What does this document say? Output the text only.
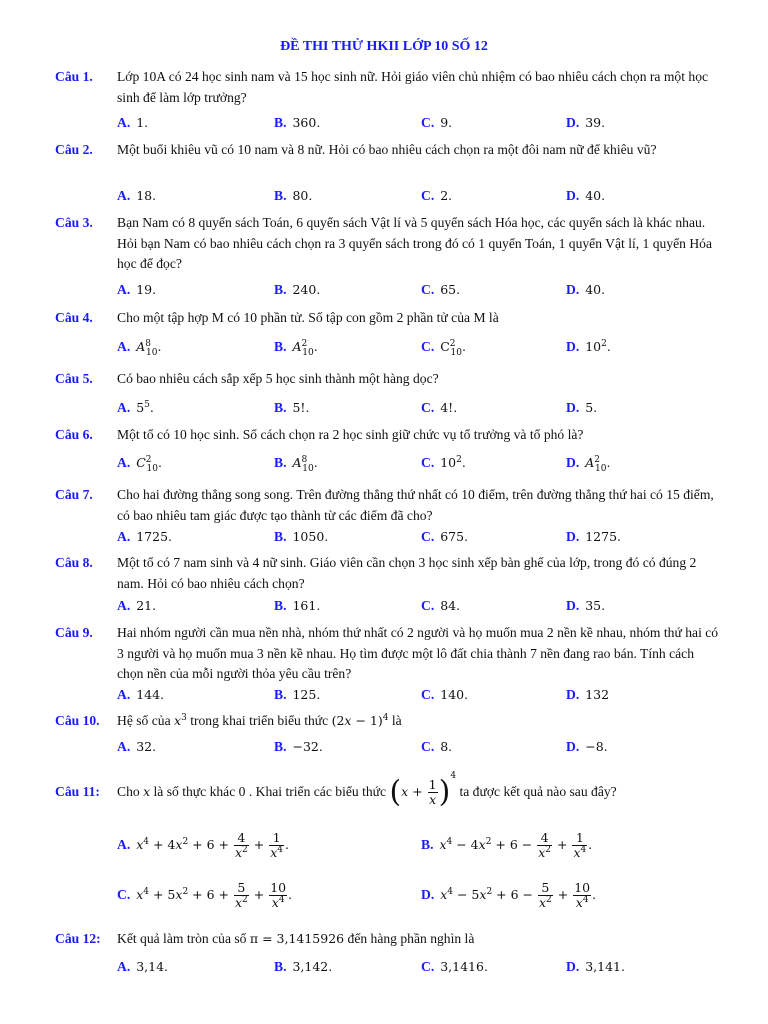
ĐỀ THI THỬ HKII LỚP 10 SỐ 12
Câu 1. Lớp 10A có 24 học sinh nam và 15 học sinh nữ. Hỏi giáo viên chủ nhiệm có bao nhiêu cách chọn ra một học sinh để làm lớp trưởng?
A. 1.	B. 360.	C. 9.	D. 39.
Câu 2. Một buổi khiêu vũ có 10 nam và 8 nữ. Hỏi có bao nhiêu cách chọn ra một đôi nam nữ để khiêu vũ?
A. 18.	B. 80.	C. 2.	D. 40.
Câu 3. Bạn Nam có 8 quyển sách Toán, 6 quyển sách Vật lí và 5 quyển sách Hóa học, các quyển sách là khác nhau. Hỏi bạn Nam có bao nhiêu cách chọn ra 3 quyển sách trong đó có 1 quyển Toán, 1 quyển Vật lí, 1 quyển Hóa học để đọc?
A. 19.	B. 240.	C. 65.	D. 40.
Câu 4. Cho một tập hợp M có 10 phần tử. Số tập con gồm 2 phần tử của M là
A. $A^8_{10}$.	B. $A^2_{10}$.	C. $C^2_{10}$.	D. $10^2$.
Câu 5. Có bao nhiêu cách sắp xếp 5 học sinh thành một hàng dọc?
A. $5^5$.	B. 5!.	C. 4!.	D. 5.
Câu 6. Một tổ có 10 học sinh. Số cách chọn ra 2 học sinh giữ chức vụ tổ trưởng và tổ phó là?
A. $C^2_{10}$.	B. $A^8_{10}$.	C. $10^2$.	D. $A^2_{10}$.
Câu 7. Cho hai đường thẳng song song. Trên đường thẳng thứ nhất có 10 điểm, trên đường thẳng thứ hai có 15 điểm, có bao nhiêu tam giác được tạo thành từ các điểm đã cho?
A. 1725.	B. 1050.	C. 675.	D. 1275.
Câu 8. Một tổ có 7 nam sinh và 4 nữ sinh. Giáo viên cần chọn 3 học sinh xếp bàn ghế của lớp, trong đó có đúng 2 nam. Hỏi có bao nhiêu cách chọn?
A. 21.	B. 161.	C. 84.	D. 35.
Câu 9. Hai nhóm người cần mua nền nhà, nhóm thứ nhất có 2 người và họ muốn mua 2 nền kề nhau, nhóm thứ hai có 3 người và họ muốn mua 3 nền kề nhau. Họ tìm được một lô đất chia thành 7 nền đang rao bán. Tính cách chọn nền của mỗi người thỏa yêu cầu trên?
A. 144.	B. 125.	C. 140.	D. 132
Câu 10. Hệ số của $x^3$ trong khai triển biểu thức $(2x - 1)^4$ là
A. 32.	B. −32.	C. 8.	D. −8.
Câu 11: Cho x là số thực khác 0 . Khai triển các biểu thức $(x + \frac{1}{x} )^4$ ta được kết quả nào sau đây?
A. $x^4 + 4x^2 + 6 + \frac{4}{x^2} + \frac{1}{x^4}$ .	B. $x^4 - 4x^2 + 6 - \frac{4}{x^2} + \frac{1}{x^4}$ .
C. $x^4 + 5x^2 + 6 + \frac{5}{x^2} + \frac{10}{x^4}$ .	D. $x^4 - 5x^2 + 6 - \frac{5}{x^2} + \frac{10}{x^4}$ .
Câu 12: Kết quả làm tròn của số π = 3,1415926 đến hàng phần nghìn là
A. 3,14.	B. 3,142.	C. 3,1416.	D. 3,141.
